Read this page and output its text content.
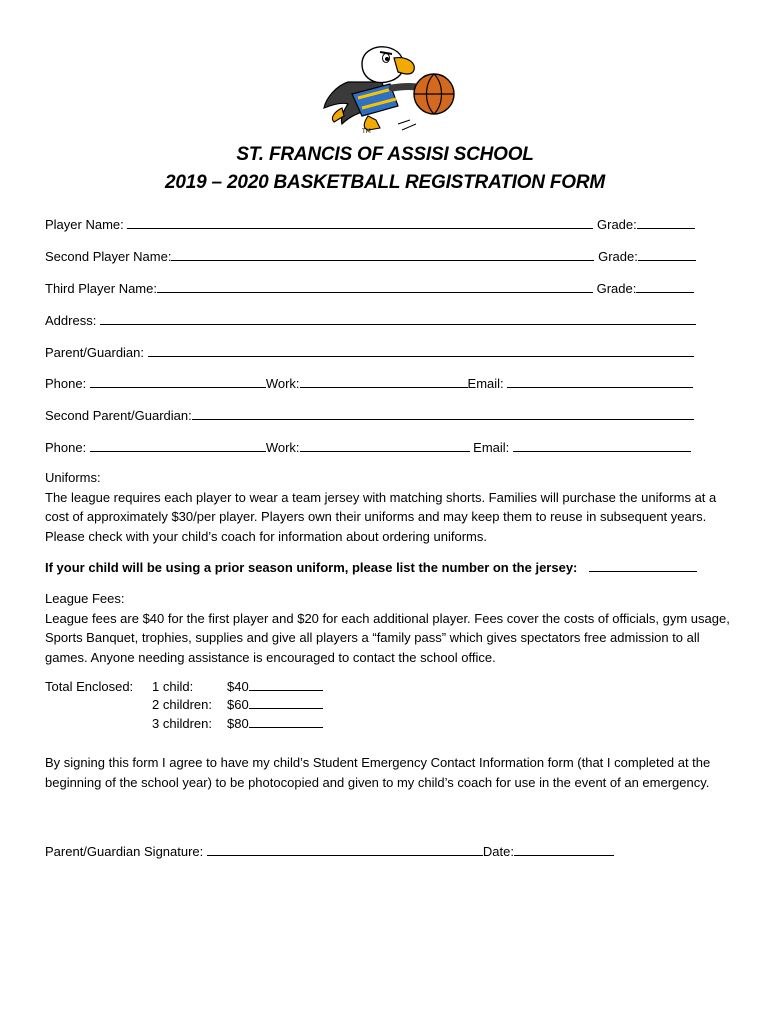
TM
ST. FRANCIS OF ASSISI SCHOOL
2019 – 2020 BASKETBALL REGISTRATION FORM
Player Name:	Grade:
Second Player Name:	Grade:
Third Player Name:	Grade:
Address:
Parent/Guardian:
Phone:	Work:	Email:
Second Parent/Guardian:
Phone:	Work:	Email:
Uniforms:
The league requires each player to wear a team jersey with matching shorts. Families will purchase the uniforms at a cost of approximately $30/per player. Players own their uniforms and may keep them to reuse in subsequent years. Please check with your child’s coach for information about ordering uniforms.
If your child will be using a prior season uniform, please list the number on the jersey:
League Fees:
League fees are $40 for the first player and $20 for each additional player. Fees cover the costs of officials, gym usage, Sports Banquet, trophies, supplies and give all players a “family pass” which gives spectators free admission to all games. Anyone needing assistance is encouraged to contact the school office.
Total Enclosed: 1 child:	$40
2 children: $60
3 children: $80
By signing this form I agree to have my child’s Student Emergency Contact Information form (that I completed at the beginning of the school year) to be photocopied and given to my child’s coach for use in the event of an emergency.
Parent/Guardian Signature:	Date:
